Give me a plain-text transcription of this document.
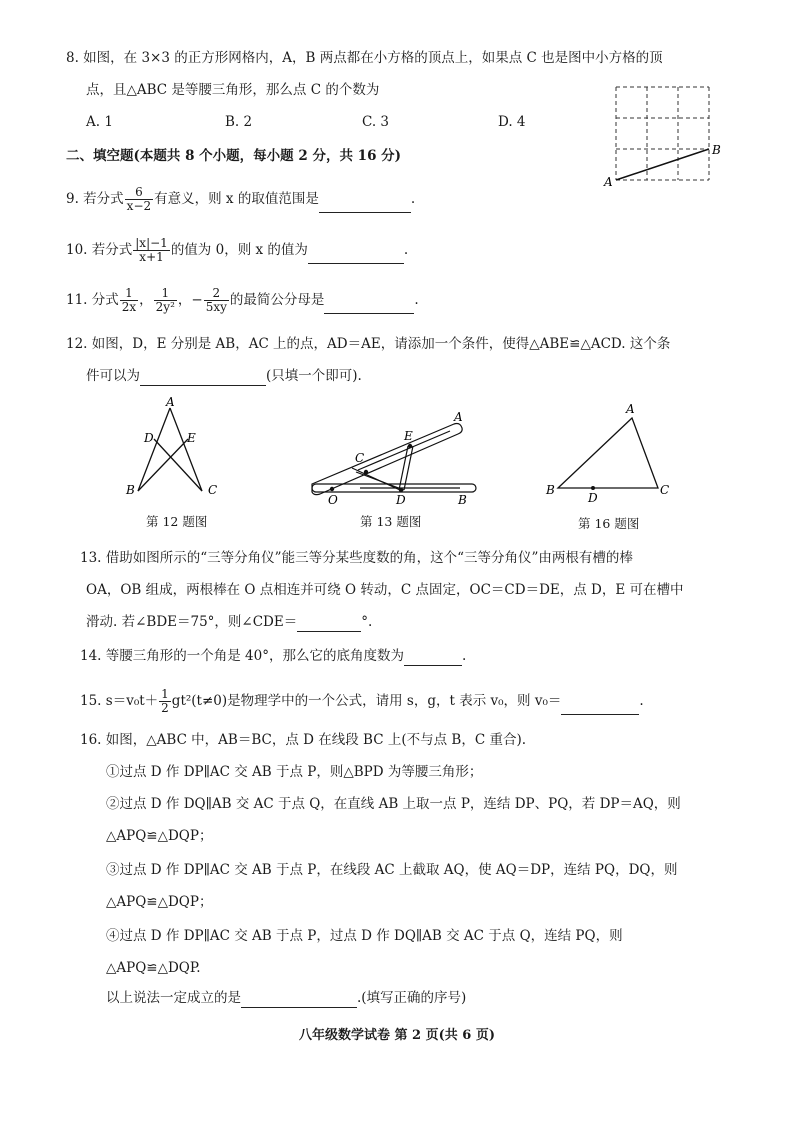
8. 如图，在 3×3 的正方形网格内，A，B 两点都在小方格的顶点上，如果点 C 也是图中小方格的顶
点，且△ABC 是等腰三角形，那么点 C 的个数为
A. 1	B. 2	C. 3	D. 4
A
B
二、填空题(本题共 8 个小题，每小题 2 分，共 16 分)
9. 若分式 $\frac{6}{x-2}$ 有意义，则 x 的取值范围是	.
10. 若分式 $\frac{|x|-1}{x+1}$ 的值为 0，则 x 的值为	.
11. 分式 $\frac{1}{2x}$ ， $\frac{1}{\text{2y²}}$ ，− $\frac{2}{5xy}$ 的最简公分母是	.
12. 如图，D，E 分别是 AB，AC 上的点，AD＝AE，请添加一个条件，使得△ABE≌△ACD. 这个条
件可以为	(只填一个即可).
A
D	E
B	C
第 12 题图
A
E
C
O	D	B
第 13 题图
A
B	C
D
第 16 题图
13. 借助如图所示的“三等分角仪”能三等分某些度数的角，这个“三等分角仪”由两根有槽的棒
OA，OB 组成，两根棒在 O 点相连并可绕 O 转动，C 点固定，OC＝CD＝DE，点 D，E 可在槽中
滑动. 若∠BDE＝75°，则∠CDE＝	°.
14. 等腰三角形的一个角是 40°，那么它的底角度数为	.
15. $s=v_0t+ \frac{1}{2} gt^2(t\ne 0)$是物理学中的一个公式，请用 s，g，t 表示 v₀，则 v₀＝	.
16. 如图，△ABC 中，AB＝BC，点 D 在线段 BC 上(不与点 B，C 重合).
①过点 D 作 DP∥AC 交 AB 于点 P，则△BPD 为等腰三角形；
②过点 D 作 DQ∥AB 交 AC 于点 Q，在直线 AB 上取一点 P，连结 DP、PQ，若 DP＝AQ，则
△APQ≌△DQP；
③过点 D 作 DP∥AC 交 AB 于点 P，在线段 AC 上截取 AQ，使 AQ＝DP，连结 PQ，DQ，则
△APQ≌△DQP；
④过点 D 作 DP∥AC 交 AB 于点 P，过点 D 作 DQ∥AB 交 AC 于点 Q，连结 PQ，则
△APQ≌△DQP.
以上说法一定成立的是	.(填写正确的序号)
八年级数学试卷 第 2 页(共 6 页)
